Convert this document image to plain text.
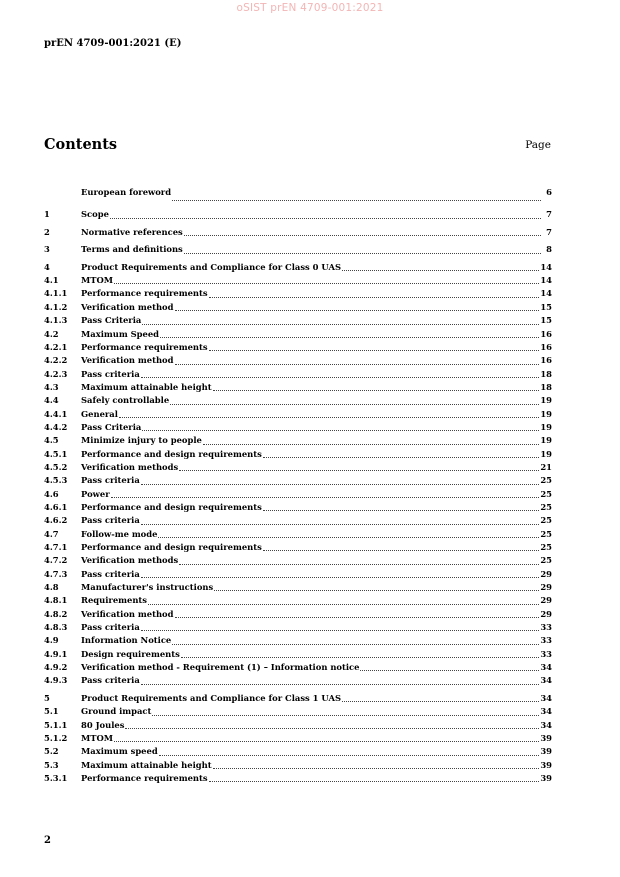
oSIST prEN 4709-001:2021
prEN 4709-001:2021 (E)
Contents	Page
European foreword	6
1	Scope	7
2	Normative references	7
3	Terms and definitions	8
4	Product Requirements and Compliance for Class 0 UAS	14
4.1	MTOM	14
4.1.1	Performance requirements	14
4.1.2	Verification method	15
4.1.3	Pass Criteria	15
4.2	Maximum Speed	16
4.2.1	Performance requirements	16
4.2.2	Verification method	16
4.2.3	Pass criteria	18
4.3	Maximum attainable height	18
4.4	Safely controllable	19
4.4.1	General	19
4.4.2	Pass Criteria	19
4.5	Minimize injury to people	19
4.5.1	Performance and design requirements	19
4.5.2	Verification methods	21
4.5.3	Pass criteria	25
4.6	Power	25
4.6.1	Performance and design requirements	25
4.6.2	Pass criteria	25
4.7	Follow-me mode	25
4.7.1	Performance and design requirements	25
4.7.2	Verification methods	25
4.7.3	Pass criteria	29
4.8	Manufacturer's instructions	29
4.8.1	Requirements	29
4.8.2	Verification method	29
4.8.3	Pass criteria	33
4.9	Information Notice	33
4.9.1	Design requirements	33
4.9.2	Verification method - Requirement (1) – Information notice	34
4.9.3	Pass criteria	34
5	Product Requirements and Compliance for Class 1 UAS	34
5.1	Ground impact	34
5.1.1	80 Joules	34
5.1.2	MTOM	39
5.2	Maximum speed	39
5.3	Maximum attainable height	39
5.3.1	Performance requirements	39
2
